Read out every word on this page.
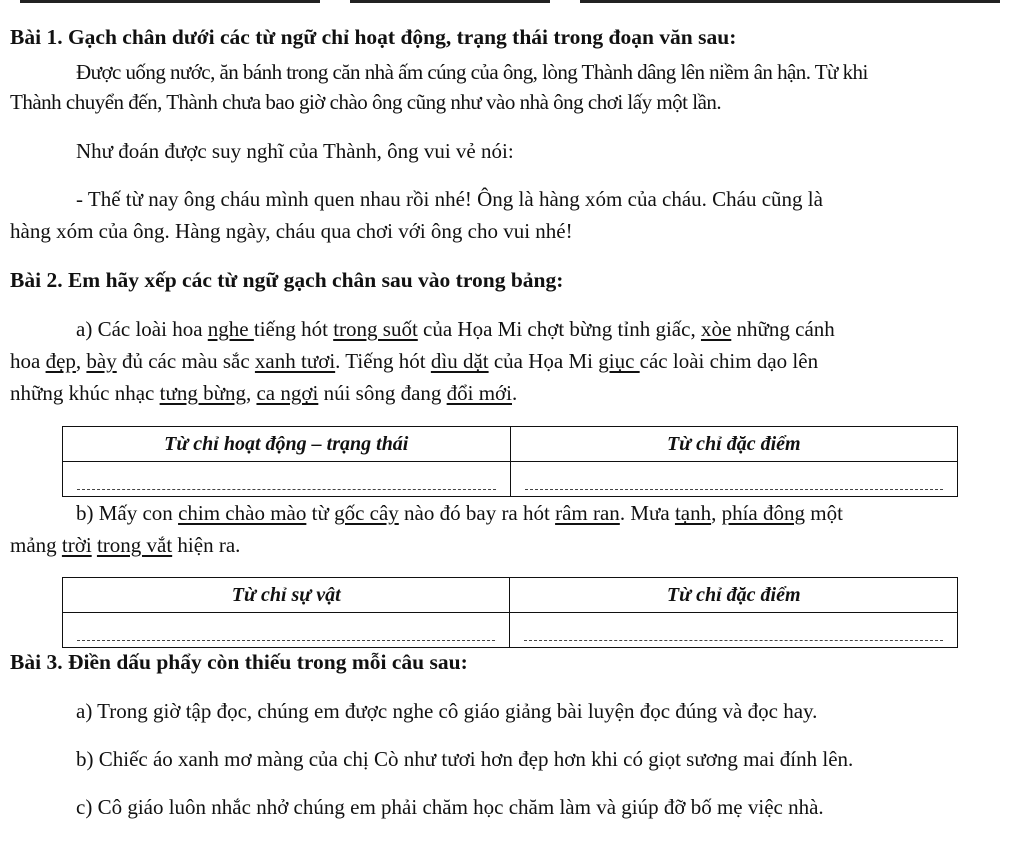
Bài 1. Gạch chân dưới các từ ngữ chỉ hoạt động, trạng thái trong đoạn văn sau:
Được uống nước, ăn bánh trong căn nhà ấm cúng của ông, lòng Thành dâng lên niềm ân hận. Từ khi
Thành chuyển đến, Thành chưa bao giờ chào ông cũng như vào nhà ông chơi lấy một lần.
Như đoán được suy nghĩ của Thành, ông vui vẻ nói:
- Thế từ nay ông cháu mình quen nhau rồi nhé! Ông là hàng xóm của cháu. Cháu cũng là
hàng xóm của ông. Hàng ngày, cháu qua chơi với ông cho vui nhé!
Bài 2. Em hãy xếp các từ ngữ gạch chân sau vào trong bảng:
a) Các loài hoa nghe tiếng hót trong suốt của Họa Mi chợt bừng tỉnh giấc, xòe những cánh
hoa đẹp, bày đủ các màu sắc xanh tươi. Tiếng hót dìu dặt của Họa Mi giục các loài chim dạo lên
những khúc nhạc tưng bừng, ca ngợi núi sông đang đổi mới.
Từ chỉ hoạt động – trạng thái	Từ chỉ đặc điểm

b) Mấy con chim chào mào từ gốc cây nào đó bay ra hót râm ran. Mưa tạnh, phía đông một
mảng trời trong vắt hiện ra.
Từ chỉ sự vật	Từ chỉ đặc điểm

Bài 3. Điền dấu phẩy còn thiếu trong mỗi câu sau:
a) Trong giờ tập đọc, chúng em được nghe cô giáo giảng bài luyện đọc đúng và đọc hay.
b) Chiếc áo xanh mơ màng của chị Cò như tươi hơn đẹp hơn khi có giọt sương mai đính lên.
c) Cô giáo luôn nhắc nhở chúng em phải chăm học chăm làm và giúp đỡ bố mẹ việc nhà.
